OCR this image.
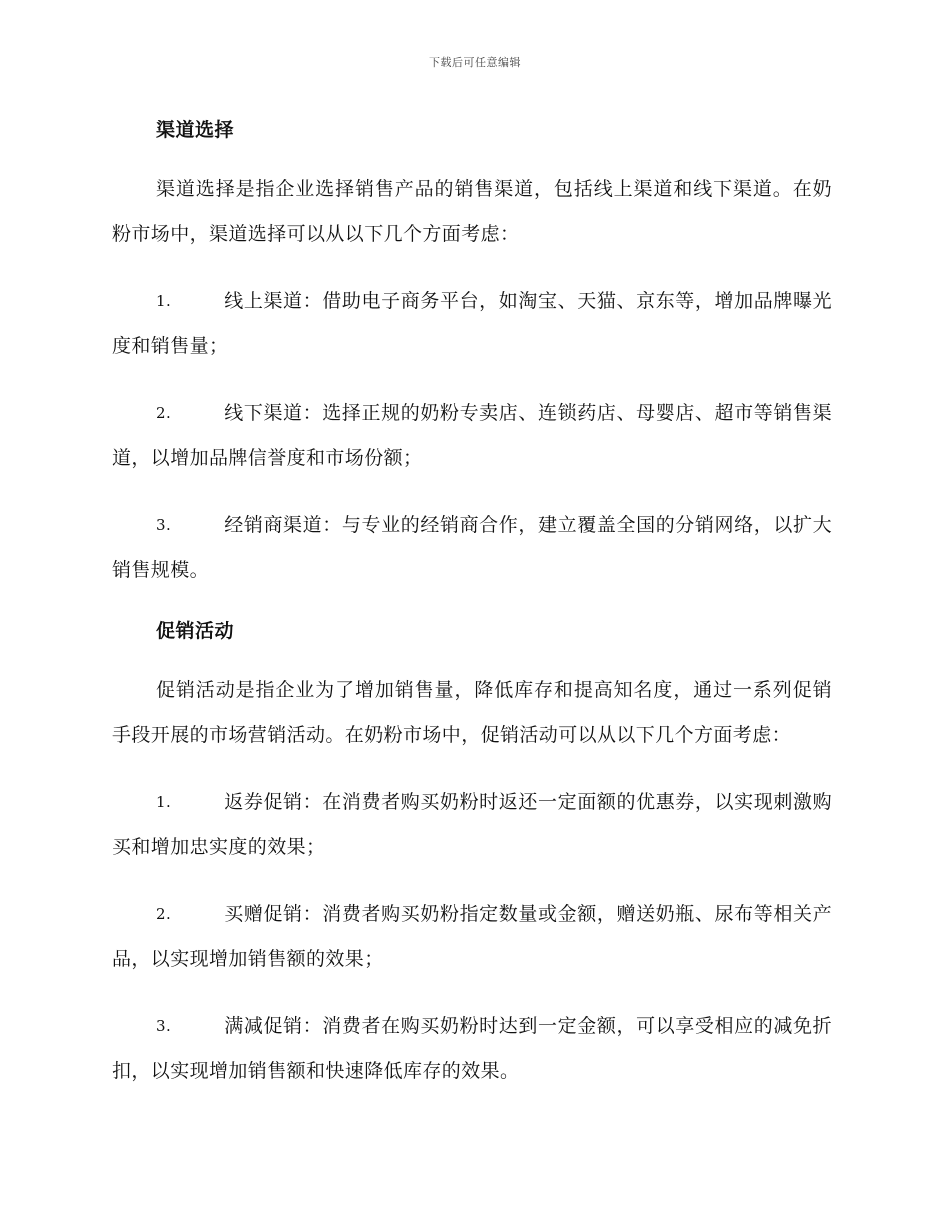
下载后可任意编辑
渠道选择

渠道选择是指企业选择销售产品的销售渠道，包括线上渠道和线下渠道。在奶粉市场中，渠道选择可以从以下几个方面考虑：

1.	线上渠道：借助电子商务平台，如淘宝、天猫、京东等，增加品牌曝光度和销售量；
2.	线下渠道：选择正规的奶粉专卖店、连锁药店、母婴店、超市等销售渠道，以增加品牌信誉度和市场份额；
3.	经销商渠道：与专业的经销商合作，建立覆盖全国的分销网络，以扩大销售规模。
促销活动

促销活动是指企业为了增加销售量，降低库存和提高知名度，通过一系列促销手段开展的市场营销活动。在奶粉市场中，促销活动可以从以下几个方面考虑：

1.	返券促销：在消费者购买奶粉时返还一定面额的优惠券，以实现刺激购买和增加忠实度的效果；
2.	买赠促销：消费者购买奶粉指定数量或金额，赠送奶瓶、尿布等相关产品，以实现增加销售额的效果；
3.	满减促销：消费者在购买奶粉时达到一定金额，可以享受相应的减免折扣，以实现增加销售额和快速降低库存的效果。
